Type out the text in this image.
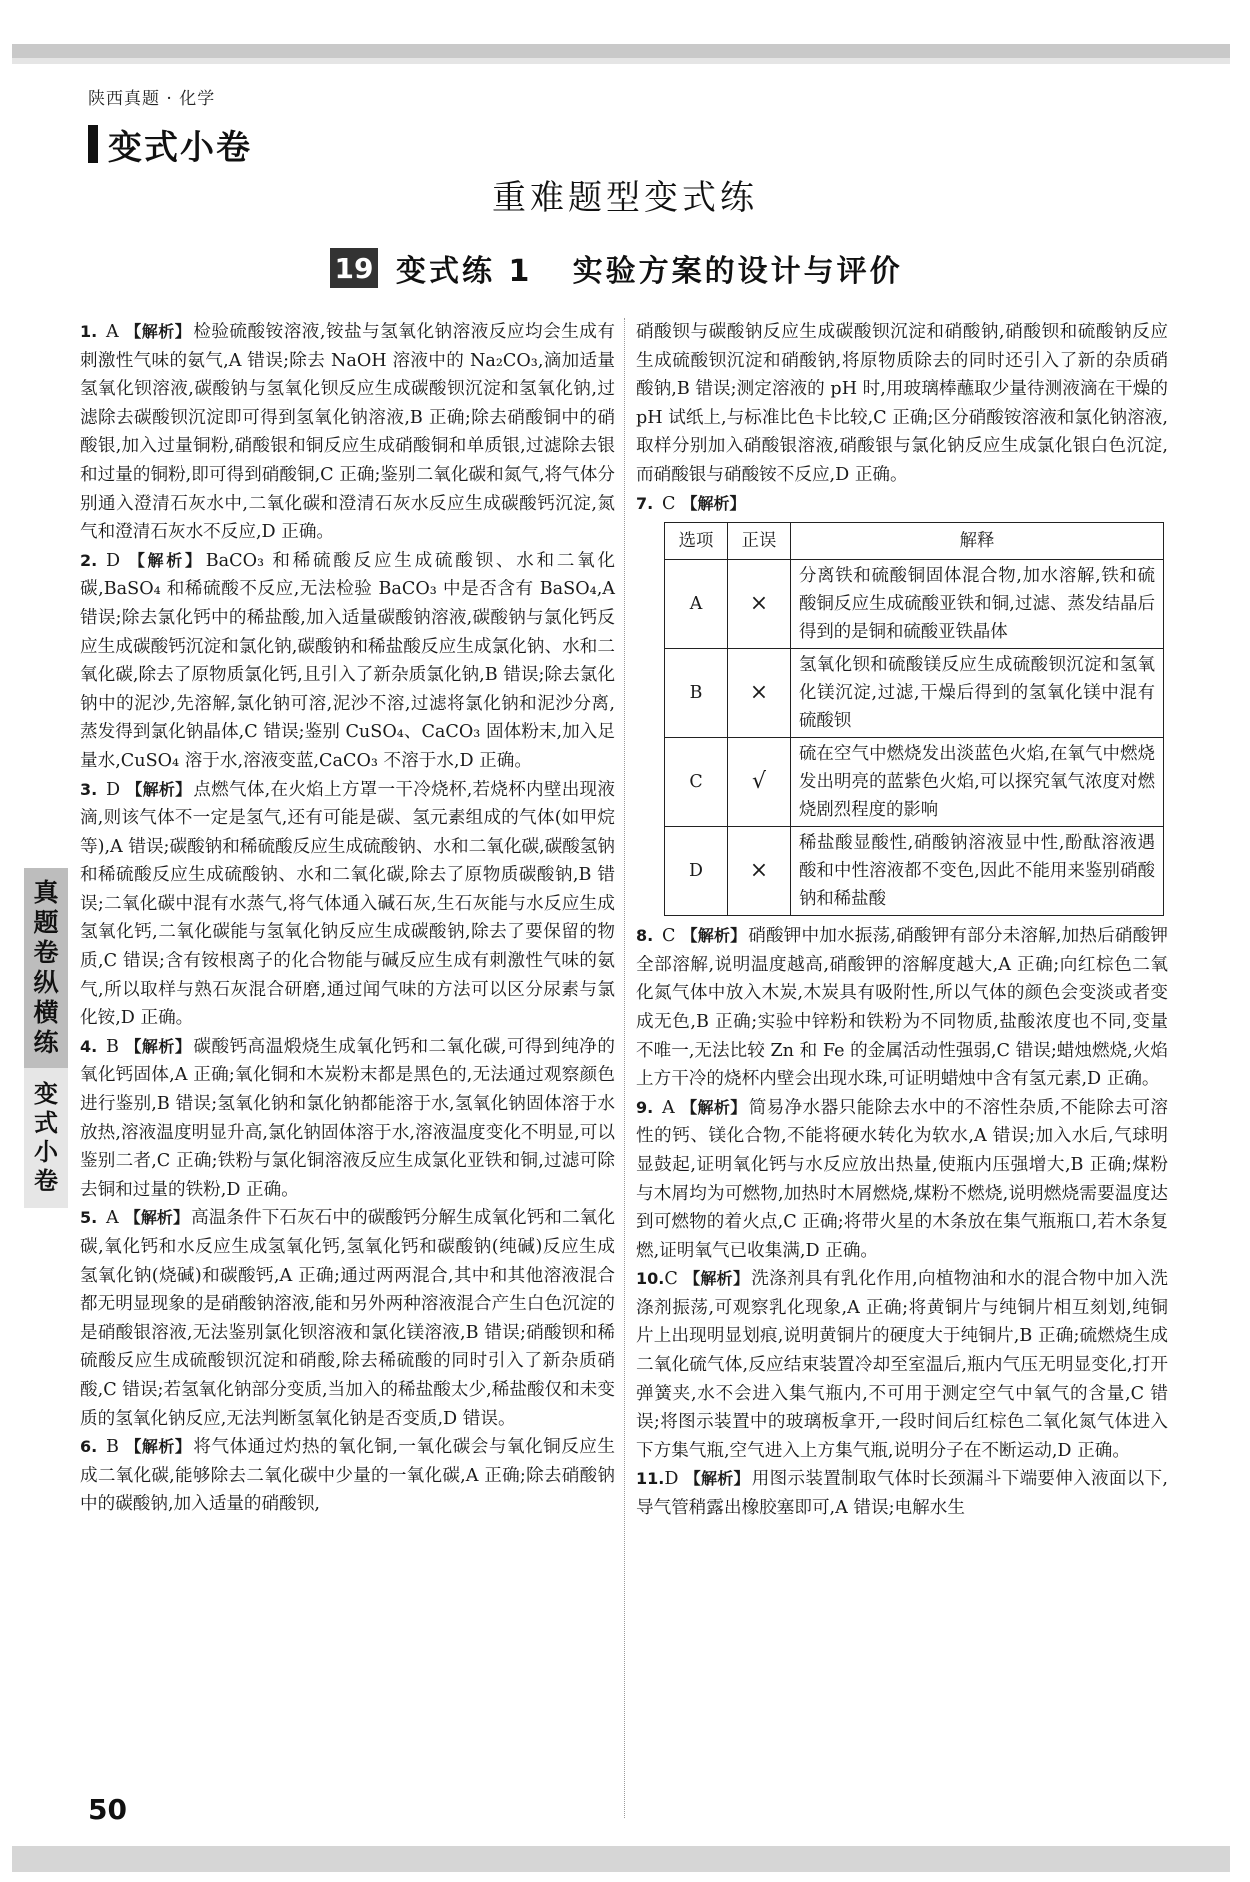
陕西真题 · 化学
变式小卷
重难题型变式练
19 变式练 1   实验方案的设计与评价
真
题
卷
纵
横
练
变
式
小
卷
1. A 【解析】 检验硫酸铵溶液,铵盐与氢氧化钠溶液反应均会生成有刺激性气味的氨气,A 错误;除去 NaOH 溶液中的 Na₂CO₃,滴加适量氢氧化钡溶液,碳酸钠与氢氧化钡反应生成碳酸钡沉淀和氢氧化钠,过滤除去碳酸钡沉淀即可得到氢氧化钠溶液,B 正确;除去硝酸铜中的硝酸银,加入过量铜粉,硝酸银和铜反应生成硝酸铜和单质银,过滤除去银和过量的铜粉,即可得到硝酸铜,C 正确;鉴别二氧化碳和氮气,将气体分别通入澄清石灰水中,二氧化碳和澄清石灰水反应生成碳酸钙沉淀,氮气和澄清石灰水不反应,D 正确。
2. D 【解析】 BaCO₃ 和稀硫酸反应生成硫酸钡、水和二氧化碳,BaSO₄ 和稀硫酸不反应,无法检验 BaCO₃ 中是否含有 BaSO₄,A 错误;除去氯化钙中的稀盐酸,加入适量碳酸钠溶液,碳酸钠与氯化钙反应生成碳酸钙沉淀和氯化钠,碳酸钠和稀盐酸反应生成氯化钠、水和二氧化碳,除去了原物质氯化钙,且引入了新杂质氯化钠,B 错误;除去氯化钠中的泥沙,先溶解,氯化钠可溶,泥沙不溶,过滤将氯化钠和泥沙分离,蒸发得到氯化钠晶体,C 错误;鉴别 CuSO₄、CaCO₃ 固体粉末,加入足量水,CuSO₄ 溶于水,溶液变蓝,CaCO₃ 不溶于水,D 正确。
3. D 【解析】 点燃气体,在火焰上方罩一干冷烧杯,若烧杯内壁出现液滴,则该气体不一定是氢气,还有可能是碳、氢元素组成的气体(如甲烷等),A 错误;碳酸钠和稀硫酸反应生成硫酸钠、水和二氧化碳,碳酸氢钠和稀硫酸反应生成硫酸钠、水和二氧化碳,除去了原物质碳酸钠,B 错误;二氧化碳中混有水蒸气,将气体通入碱石灰,生石灰能与水反应生成氢氧化钙,二氧化碳能与氢氧化钠反应生成碳酸钠,除去了要保留的物质,C 错误;含有铵根离子的化合物能与碱反应生成有刺激性气味的氨气,所以取样与熟石灰混合研磨,通过闻气味的方法可以区分尿素与氯化铵,D 正确。
4. B 【解析】 碳酸钙高温煅烧生成氧化钙和二氧化碳,可得到纯净的氧化钙固体,A 正确;氧化铜和木炭粉末都是黑色的,无法通过观察颜色进行鉴别,B 错误;氢氧化钠和氯化钠都能溶于水,氢氧化钠固体溶于水放热,溶液温度明显升高,氯化钠固体溶于水,溶液温度变化不明显,可以鉴别二者,C 正确;铁粉与氯化铜溶液反应生成氯化亚铁和铜,过滤可除去铜和过量的铁粉,D 正确。
5. A 【解析】 高温条件下石灰石中的碳酸钙分解生成氧化钙和二氧化碳,氧化钙和水反应生成氢氧化钙,氢氧化钙和碳酸钠(纯碱)反应生成氢氧化钠(烧碱)和碳酸钙,A 正确;通过两两混合,其中和其他溶液混合都无明显现象的是硝酸钠溶液,能和另外两种溶液混合产生白色沉淀的是硝酸银溶液,无法鉴别氯化钡溶液和氯化镁溶液,B 错误;硝酸钡和稀硫酸反应生成硫酸钡沉淀和硝酸,除去稀硫酸的同时引入了新杂质硝酸,C 错误;若氢氧化钠部分变质,当加入的稀盐酸太少,稀盐酸仅和未变质的氢氧化钠反应,无法判断氢氧化钠是否变质,D 错误。
6. B 【解析】 将气体通过灼热的氧化铜,一氧化碳会与氧化铜反应生成二氧化碳,能够除去二氧化碳中少量的一氧化碳,A 正确;除去硝酸钠中的碳酸钠,加入适量的硝酸钡,
硝酸钡与碳酸钠反应生成碳酸钡沉淀和硝酸钠,硝酸钡和硫酸钠反应生成硫酸钡沉淀和硝酸钠,将原物质除去的同时还引入了新的杂质硝酸钠,B 错误;测定溶液的 pH 时,用玻璃棒蘸取少量待测液滴在干燥的 pH 试纸上,与标准比色卡比较,C 正确;区分硝酸铵溶液和氯化钠溶液,取样分别加入硝酸银溶液,硝酸银与氯化钠反应生成氯化银白色沉淀,而硝酸银与硝酸铵不反应,D 正确。
7. C 【解析】
选项	正误	解释
A	×	分离铁和硫酸铜固体混合物,加水溶解,铁和硫酸铜反应生成硫酸亚铁和铜,过滤、蒸发结晶后得到的是铜和硫酸亚铁晶体
B	×	氢氧化钡和硫酸镁反应生成硫酸钡沉淀和氢氧化镁沉淀,过滤,干燥后得到的氢氧化镁中混有硫酸钡
C	√	硫在空气中燃烧发出淡蓝色火焰,在氧气中燃烧发出明亮的蓝紫色火焰,可以探究氧气浓度对燃烧剧烈程度的影响
D	×	稀盐酸显酸性,硝酸钠溶液显中性,酚酞溶液遇酸和中性溶液都不变色,因此不能用来鉴别硝酸钠和稀盐酸
8. C 【解析】 硝酸钾中加水振荡,硝酸钾有部分未溶解,加热后硝酸钾全部溶解,说明温度越高,硝酸钾的溶解度越大,A 正确;向红棕色二氧化氮气体中放入木炭,木炭具有吸附性,所以气体的颜色会变淡或者变成无色,B 正确;实验中锌粉和铁粉为不同物质,盐酸浓度也不同,变量不唯一,无法比较 Zn 和 Fe 的金属活动性强弱,C 错误;蜡烛燃烧,火焰上方干冷的烧杯内壁会出现水珠,可证明蜡烛中含有氢元素,D 正确。
9. A 【解析】 简易净水器只能除去水中的不溶性杂质,不能除去可溶性的钙、镁化合物,不能将硬水转化为软水,A 错误;加入水后,气球明显鼓起,证明氧化钙与水反应放出热量,使瓶内压强增大,B 正确;煤粉与木屑均为可燃物,加热时木屑燃烧,煤粉不燃烧,说明燃烧需要温度达到可燃物的着火点,C 正确;将带火星的木条放在集气瓶瓶口,若木条复燃,证明氧气已收集满,D 正确。
10.C 【解析】 洗涤剂具有乳化作用,向植物油和水的混合物中加入洗涤剂振荡,可观察乳化现象,A 正确;将黄铜片与纯铜片相互刻划,纯铜片上出现明显划痕,说明黄铜片的硬度大于纯铜片,B 正确;硫燃烧生成二氧化硫气体,反应结束装置冷却至室温后,瓶内气压无明显变化,打开弹簧夹,水不会进入集气瓶内,不可用于测定空气中氧气的含量,C 错误;将图示装置中的玻璃板拿开,一段时间后红棕色二氧化氮气体进入下方集气瓶,空气进入上方集气瓶,说明分子在不断运动,D 正确。
11.D 【解析】 用图示装置制取气体时长颈漏斗下端要伸入液面以下,导气管稍露出橡胶塞即可,A 错误;电解水生
50
